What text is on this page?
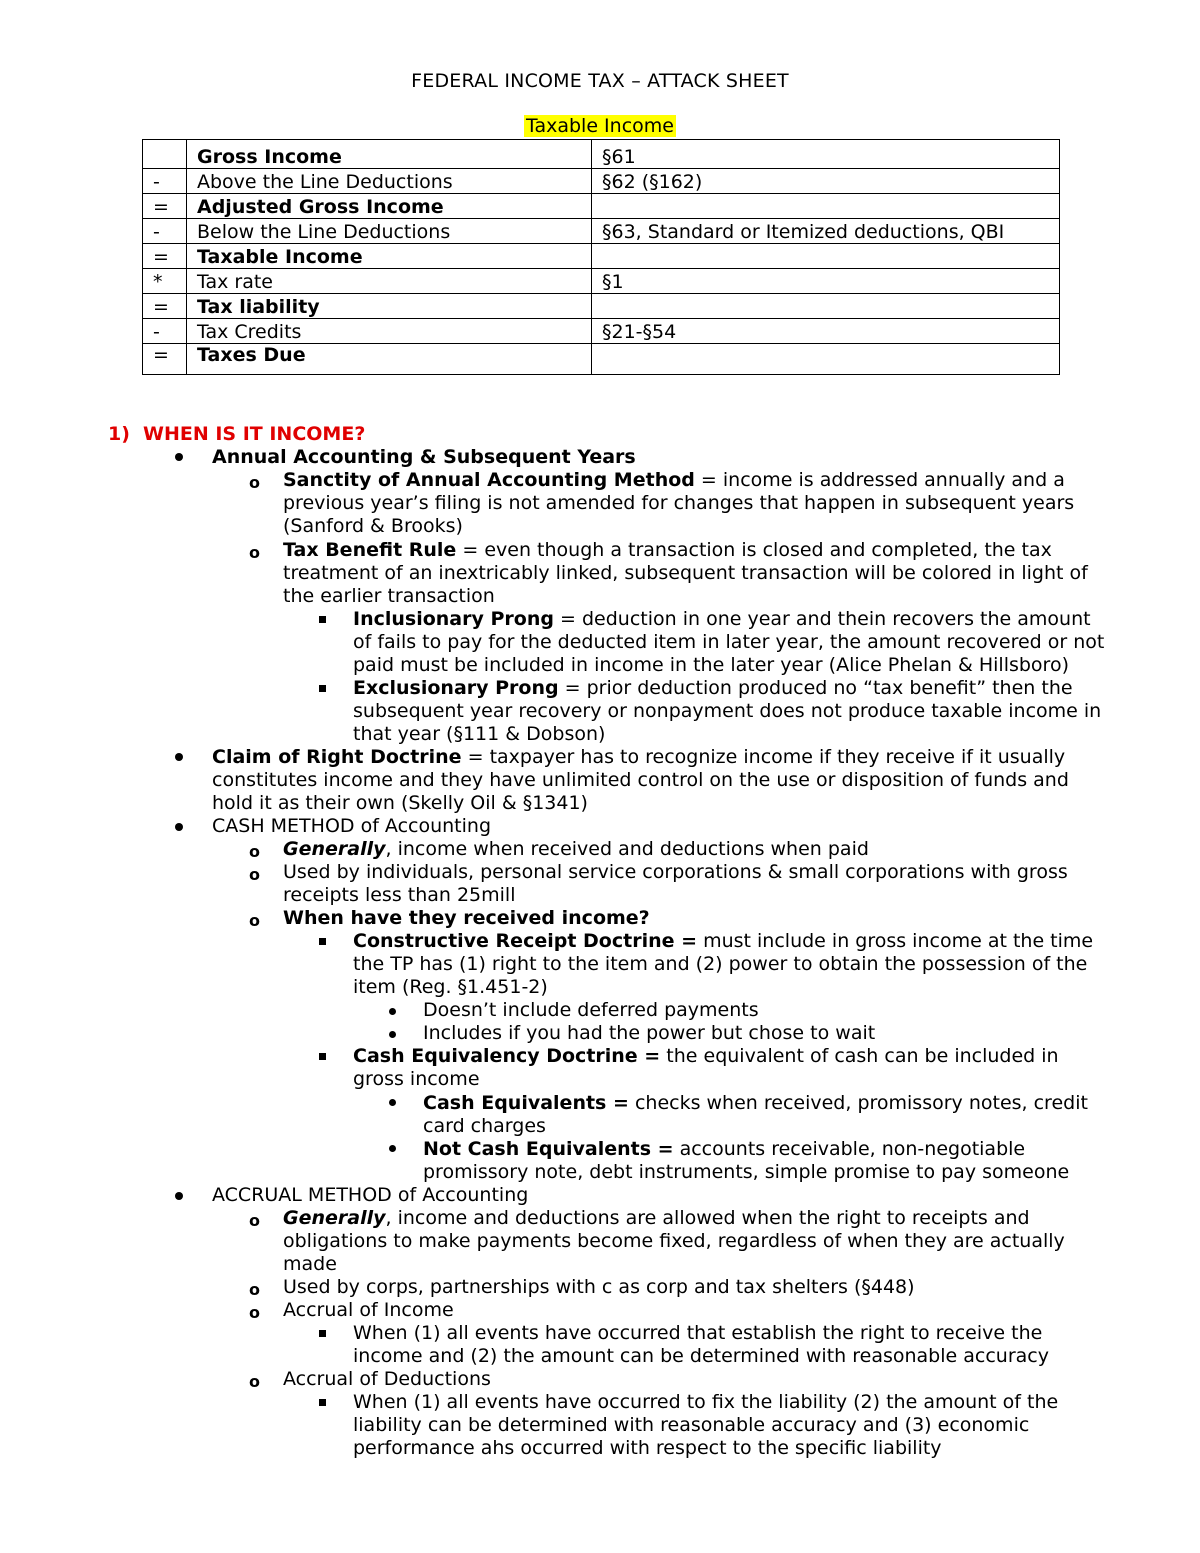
FEDERAL INCOME TAX – ATTACK SHEET
Taxable Income
	Gross Income	§61
-	Above the Line Deductions	§62 (§162)
=	Adjusted Gross Income	
-	Below the Line Deductions	§63, Standard or Itemized deductions, QBI
=	Taxable Income	
*	Tax rate	§1
=	Tax liability	
-	Tax Credits	§21-§54
=	Taxes Due	
1) WHEN IS IT INCOME?
Annual Accounting & Subsequent Years
o Sanctity of Annual Accounting Method = income is addressed annually and a
previous year’s filing is not amended for changes that happen in subsequent years
(Sanford & Brooks)
o Tax Benefit Rule = even though a transaction is closed and completed, the tax
treatment of an inextricably linked, subsequent transaction will be colored in light of
the earlier transaction
Inclusionary Prong = deduction in one year and thein recovers the amount
of fails to pay for the deducted item in later year, the amount recovered or not
paid must be included in income in the later year (Alice Phelan & Hillsboro)
Exclusionary Prong = prior deduction produced no “tax benefit” then the
subsequent year recovery or nonpayment does not produce taxable income in
that year (§111 & Dobson)
Claim of Right Doctrine = taxpayer has to recognize income if they receive if it usually
constitutes income and they have unlimited control on the use or disposition of funds and
hold it as their own (Skelly Oil & §1341)
CASH METHOD of Accounting
o Generally, income when received and deductions when paid
o Used by individuals, personal service corporations & small corporations with gross
receipts less than 25mill
o When have they received income?
Constructive Receipt Doctrine = must include in gross income at the time
the TP has (1) right to the item and (2) power to obtain the possession of the
item (Reg. §1.451-2)
Doesn’t include deferred payments
Includes if you had the power but chose to wait
Cash Equivalency Doctrine = the equivalent of cash can be included in
gross income
Cash Equivalents = checks when received, promissory notes, credit
card charges
Not Cash Equivalents = accounts receivable, non-negotiable
promissory note, debt instruments, simple promise to pay someone
ACCRUAL METHOD of Accounting
o Generally, income and deductions are allowed when the right to receipts and
obligations to make payments become fixed, regardless of when they are actually
made
o Used by corps, partnerships with c as corp and tax shelters (§448)
o Accrual of Income
When (1) all events have occurred that establish the right to receive the
income and (2) the amount can be determined with reasonable accuracy
o Accrual of Deductions
When (1) all events have occurred to fix the liability (2) the amount of the
liability can be determined with reasonable accuracy and (3) economic
performance ahs occurred with respect to the specific liability
